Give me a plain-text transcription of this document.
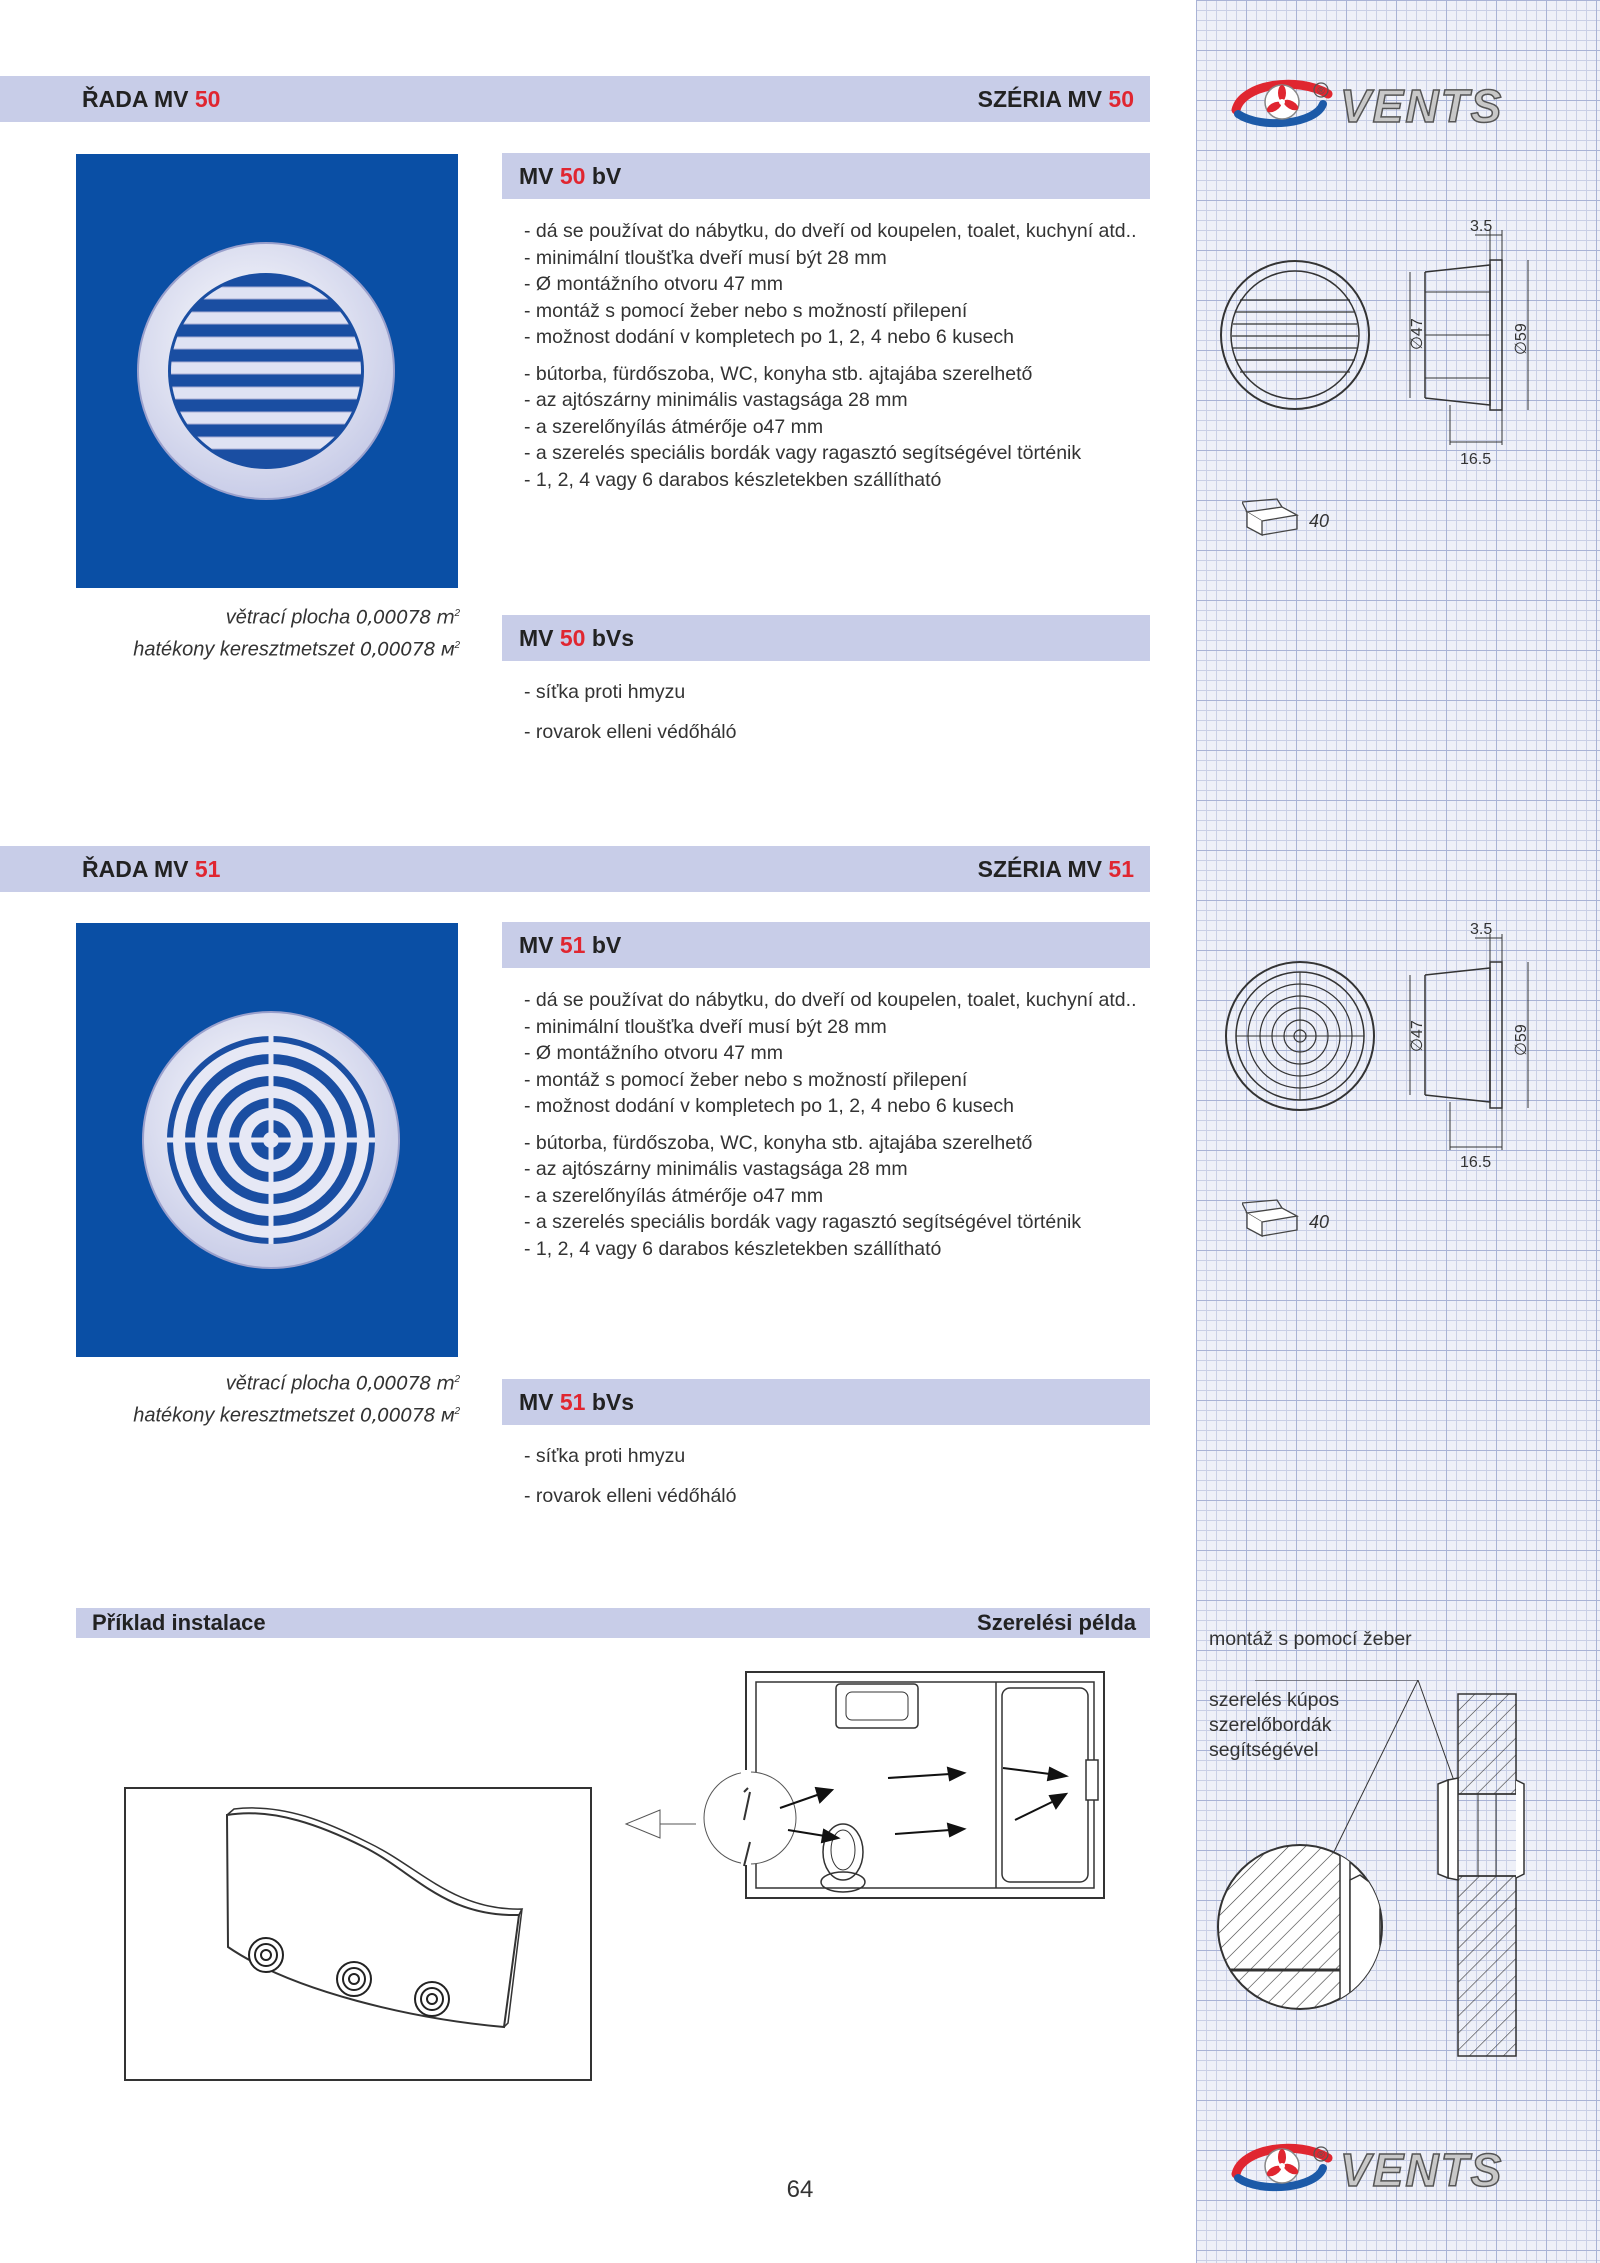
® VENTS
ŘADA MV 50	SZÉRIA MV 50
větrací plocha 0,00078 $m^2$
hatékony keresztmetszet 0,00078 $м^2$
MV
50
bV
- dá se používat do nábytku, do dveří od koupelen, toalet, kuchyní atd..
- minimální tloušťka dveří musí být 28 mm
- Ø montážního otvoru 47 mm
- montáž s pomocí žeber nebo s možností přilepení
- možnost dodání v kompletech po 1, 2, 4 nebo 6 kusech
- bútorba, fürdőszoba, WC, konyha stb. ajtajába szerelhető
- az ajtószárny minimális vastagsága 28 mm
- a szerelőnyílás átmérője o47 mm
- a szerelés speciális bordák vagy ragasztó segítségével történik
- 1, 2, 4 vagy 6 darabos készletekben szállítható
MV
50
bVs
- síťka proti hmyzu
- rovarok elleni védőháló
3.5
∅47	∅59
16.5
40
ŘADA MV 51	SZÉRIA MV 51
větrací plocha 0,00078 $m^2$
hatékony keresztmetszet 0,00078 $м^2$
MV
51
bV
- dá se používat do nábytku, do dveří od koupelen, toalet, kuchyní atd..
- minimální tloušťka dveří musí být 28 mm
- Ø montážního otvoru 47 mm
- montáž s pomocí žeber nebo s možností přilepení
- možnost dodání v kompletech po 1, 2, 4 nebo 6 kusech
- bútorba, fürdőszoba, WC, konyha stb. ajtajába szerelhető
- az ajtószárny minimális vastagsága 28 mm
- a szerelőnyílás átmérője o47 mm
- a szerelés speciális bordák vagy ragasztó segítségével történik
- 1, 2, 4 vagy 6 darabos készletekben szállítható
MV
51
bVs
- síťka proti hmyzu
- rovarok elleni védőháló
3.5
∅47	∅59
16.5
40
Příklad instalace	Szerelési példa
montáž s pomocí žeber
szerelés kúpos szerelőbordák segítségével
® VENTS
64
